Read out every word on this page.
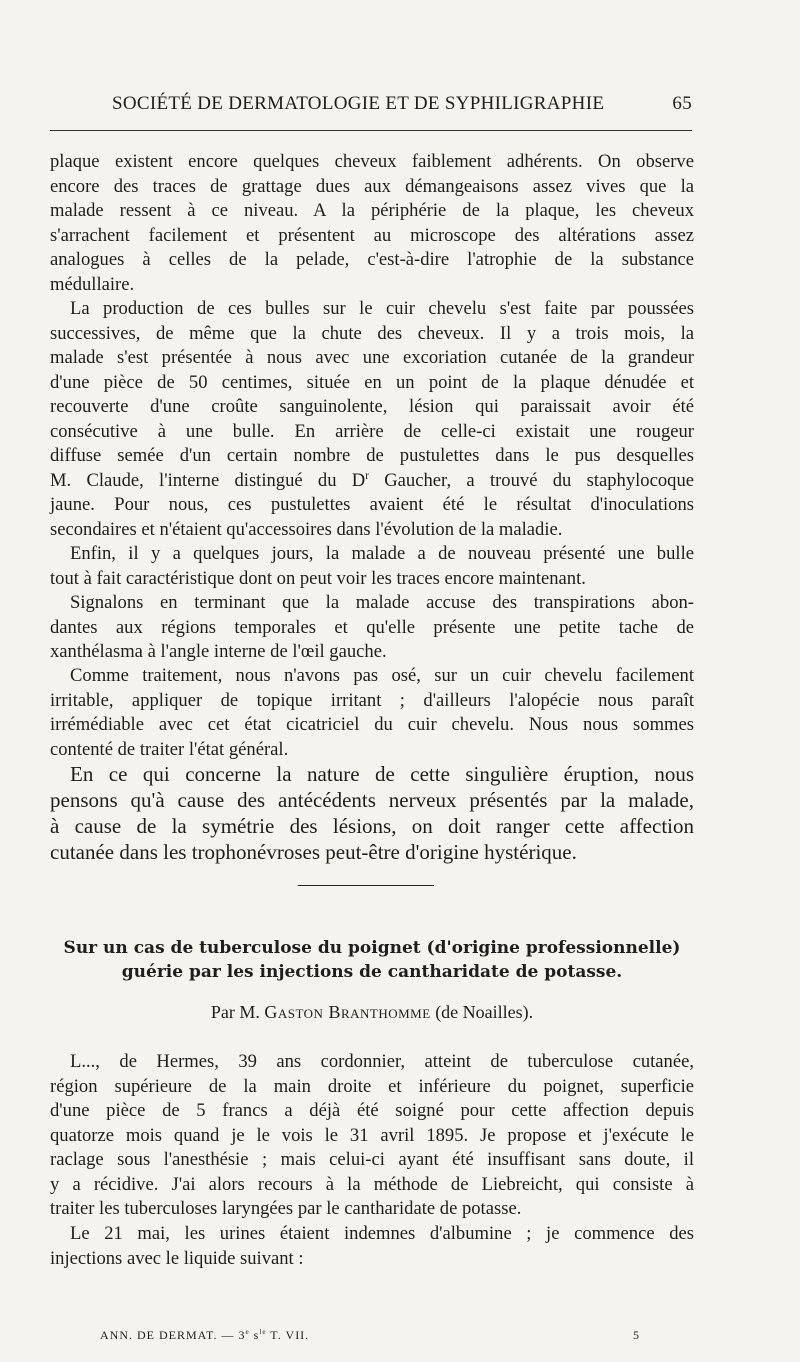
SOCIÉTÉ DE DERMATOLOGIE ET DE SYPHILIGRAPHIE	65
plaque existent encore quelques cheveux faiblement adhérents. On observe
encore des traces de grattage dues aux démangeaisons assez vives que la
malade ressent à ce niveau. A la périphérie de la plaque, les cheveux
s'arrachent facilement et présentent au microscope des altérations assez
analogues à celles de la pelade, c'est-à-dire l'atrophie de la substance
médullaire.
La production de ces bulles sur le cuir chevelu s'est faite par poussées
successives, de même que la chute des cheveux. Il y a trois mois, la
malade s'est présentée à nous avec une excoriation cutanée de la grandeur
d'une pièce de 50 centimes, située en un point de la plaque dénudée et
recouverte d'une croûte sanguinolente, lésion qui paraissait avoir été
consécutive à une bulle. En arrière de celle-ci existait une rougeur
diffuse semée d'un certain nombre de pustulettes dans le pus desquelles
M. Claude, l'interne distingué du $D^r$ Gaucher, a trouvé du staphylocoque
jaune. Pour nous, ces pustulettes avaient été le résultat d'inoculations
secondaires et n'étaient qu'accessoires dans l'évolution de la maladie.
Enfin, il y a quelques jours, la malade a de nouveau présenté une bulle
tout à fait caractéristique dont on peut voir les traces encore maintenant.
Signalons en terminant que la malade accuse des transpirations abon-
dantes aux régions temporales et qu'elle présente une petite tache de
xanthélasma à l'angle interne de l'œil gauche.
Comme traitement, nous n'avons pas osé, sur un cuir chevelu facilement
irritable, appliquer de topique irritant ; d'ailleurs l'alopécie nous paraît
irrémédiable avec cet état cicatriciel du cuir chevelu. Nous nous sommes
contenté de traiter l'état général.
En ce qui concerne la nature de cette singulière éruption, nous
pensons qu'à cause des antécédents nerveux présentés par la malade,
à cause de la symétrie des lésions, on doit ranger cette affection
cutanée dans les trophonévroses peut-être d'origine hystérique.
Sur un cas de tuberculose du poignet (d'origine professionnelle)
guérie par les injections de cantharidate de potasse.
Par M. Gaston Branthomme (de Noailles).
L..., de Hermes, 39 ans cordonnier, atteint de tuberculose cutanée,
région supérieure de la main droite et inférieure du poignet, superficie
d'une pièce de 5 francs a déjà été soigné pour cette affection depuis
quatorze mois quand je le vois le 31 avril 1895. Je propose et j'exécute le
raclage sous l'anesthésie ; mais celui-ci ayant été insuffisant sans doute, il
y a récidive. J'ai alors recours à la méthode de Liebreicht, qui consiste à
traiter les tuberculoses laryngées par le cantharidate de potasse.
Le 21 mai, les urines étaient indemnes d'albumine ; je commence des
injections avec le liquide suivant :
ANN. DE DERMAT. — 3e $s^{le}$ T. VII.	5
